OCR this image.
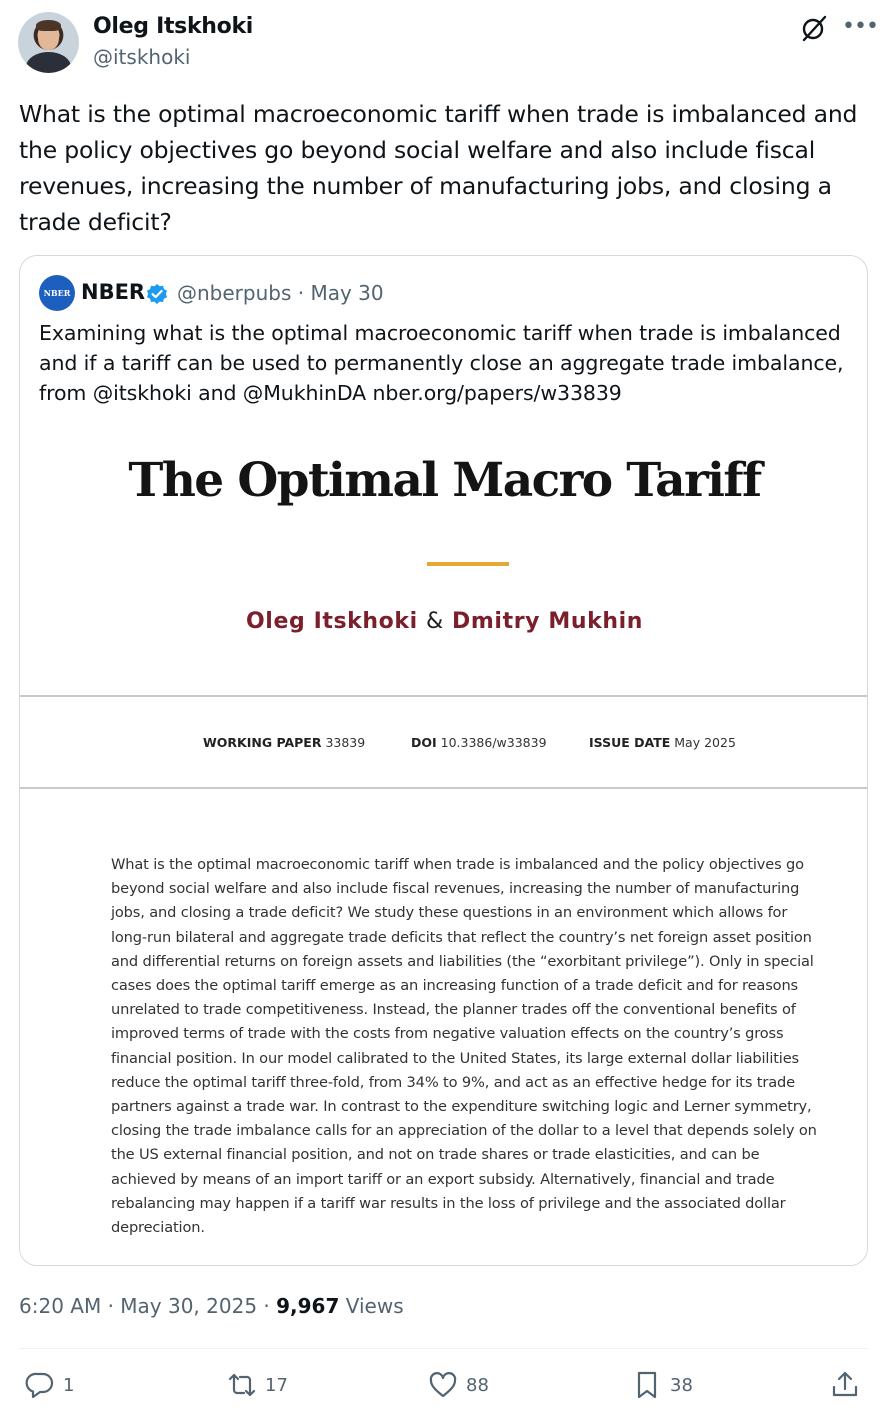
Oleg Itskhoki
@itskhoki
•••
What is the optimal macroeconomic tariff when trade is imbalanced and the policy objectives go beyond social welfare and also include fiscal revenues, increasing the number of manufacturing jobs, and closing a trade deficit?
NBER NBER @nberpubs · May 30
Examining what is the optimal macroeconomic tariff when trade is imbalanced and if a tariff can be used to permanently close an aggregate trade imbalance, from @itskhoki and @MukhinDA nber.org/papers/w33839
The Optimal Macro Tariff
Oleg Itskhoki & Dmitry Mukhin
WORKING PAPER 33839	DOI 10.3386/w33839	ISSUE DATE May 2025
What is the optimal macroeconomic tariff when trade is imbalanced and the policy objectives go beyond social welfare and also include fiscal revenues, increasing the number of manufacturing jobs, and closing a trade deficit? We study these questions in an environment which allows for long-run bilateral and aggregate trade deficits that reflect the country’s net foreign asset position and differential returns on foreign assets and liabilities (the “exorbitant privilege”). Only in special cases does the optimal tariff emerge as an increasing function of a trade deficit and for reasons unrelated to trade competitiveness. Instead, the planner trades off the conventional benefits of improved terms of trade with the costs from negative valuation effects on the country’s gross financial position. In our model calibrated to the United States, its large external dollar liabilities reduce the optimal tariff three-fold, from 34% to 9%, and act as an effective hedge for its trade partners against a trade war. In contrast to the expenditure switching logic and Lerner symmetry, closing the trade imbalance calls for an appreciation of the dollar to a level that depends solely on the US external financial position, and not on trade shares or trade elasticities, and can be achieved by means of an import tariff or an export subsidy. Alternatively, financial and trade rebalancing may happen if a tariff war results in the loss of privilege and the associated dollar depreciation.
6:20 AM · May 30, 2025 · 9,967 Views
1	17	88	38
